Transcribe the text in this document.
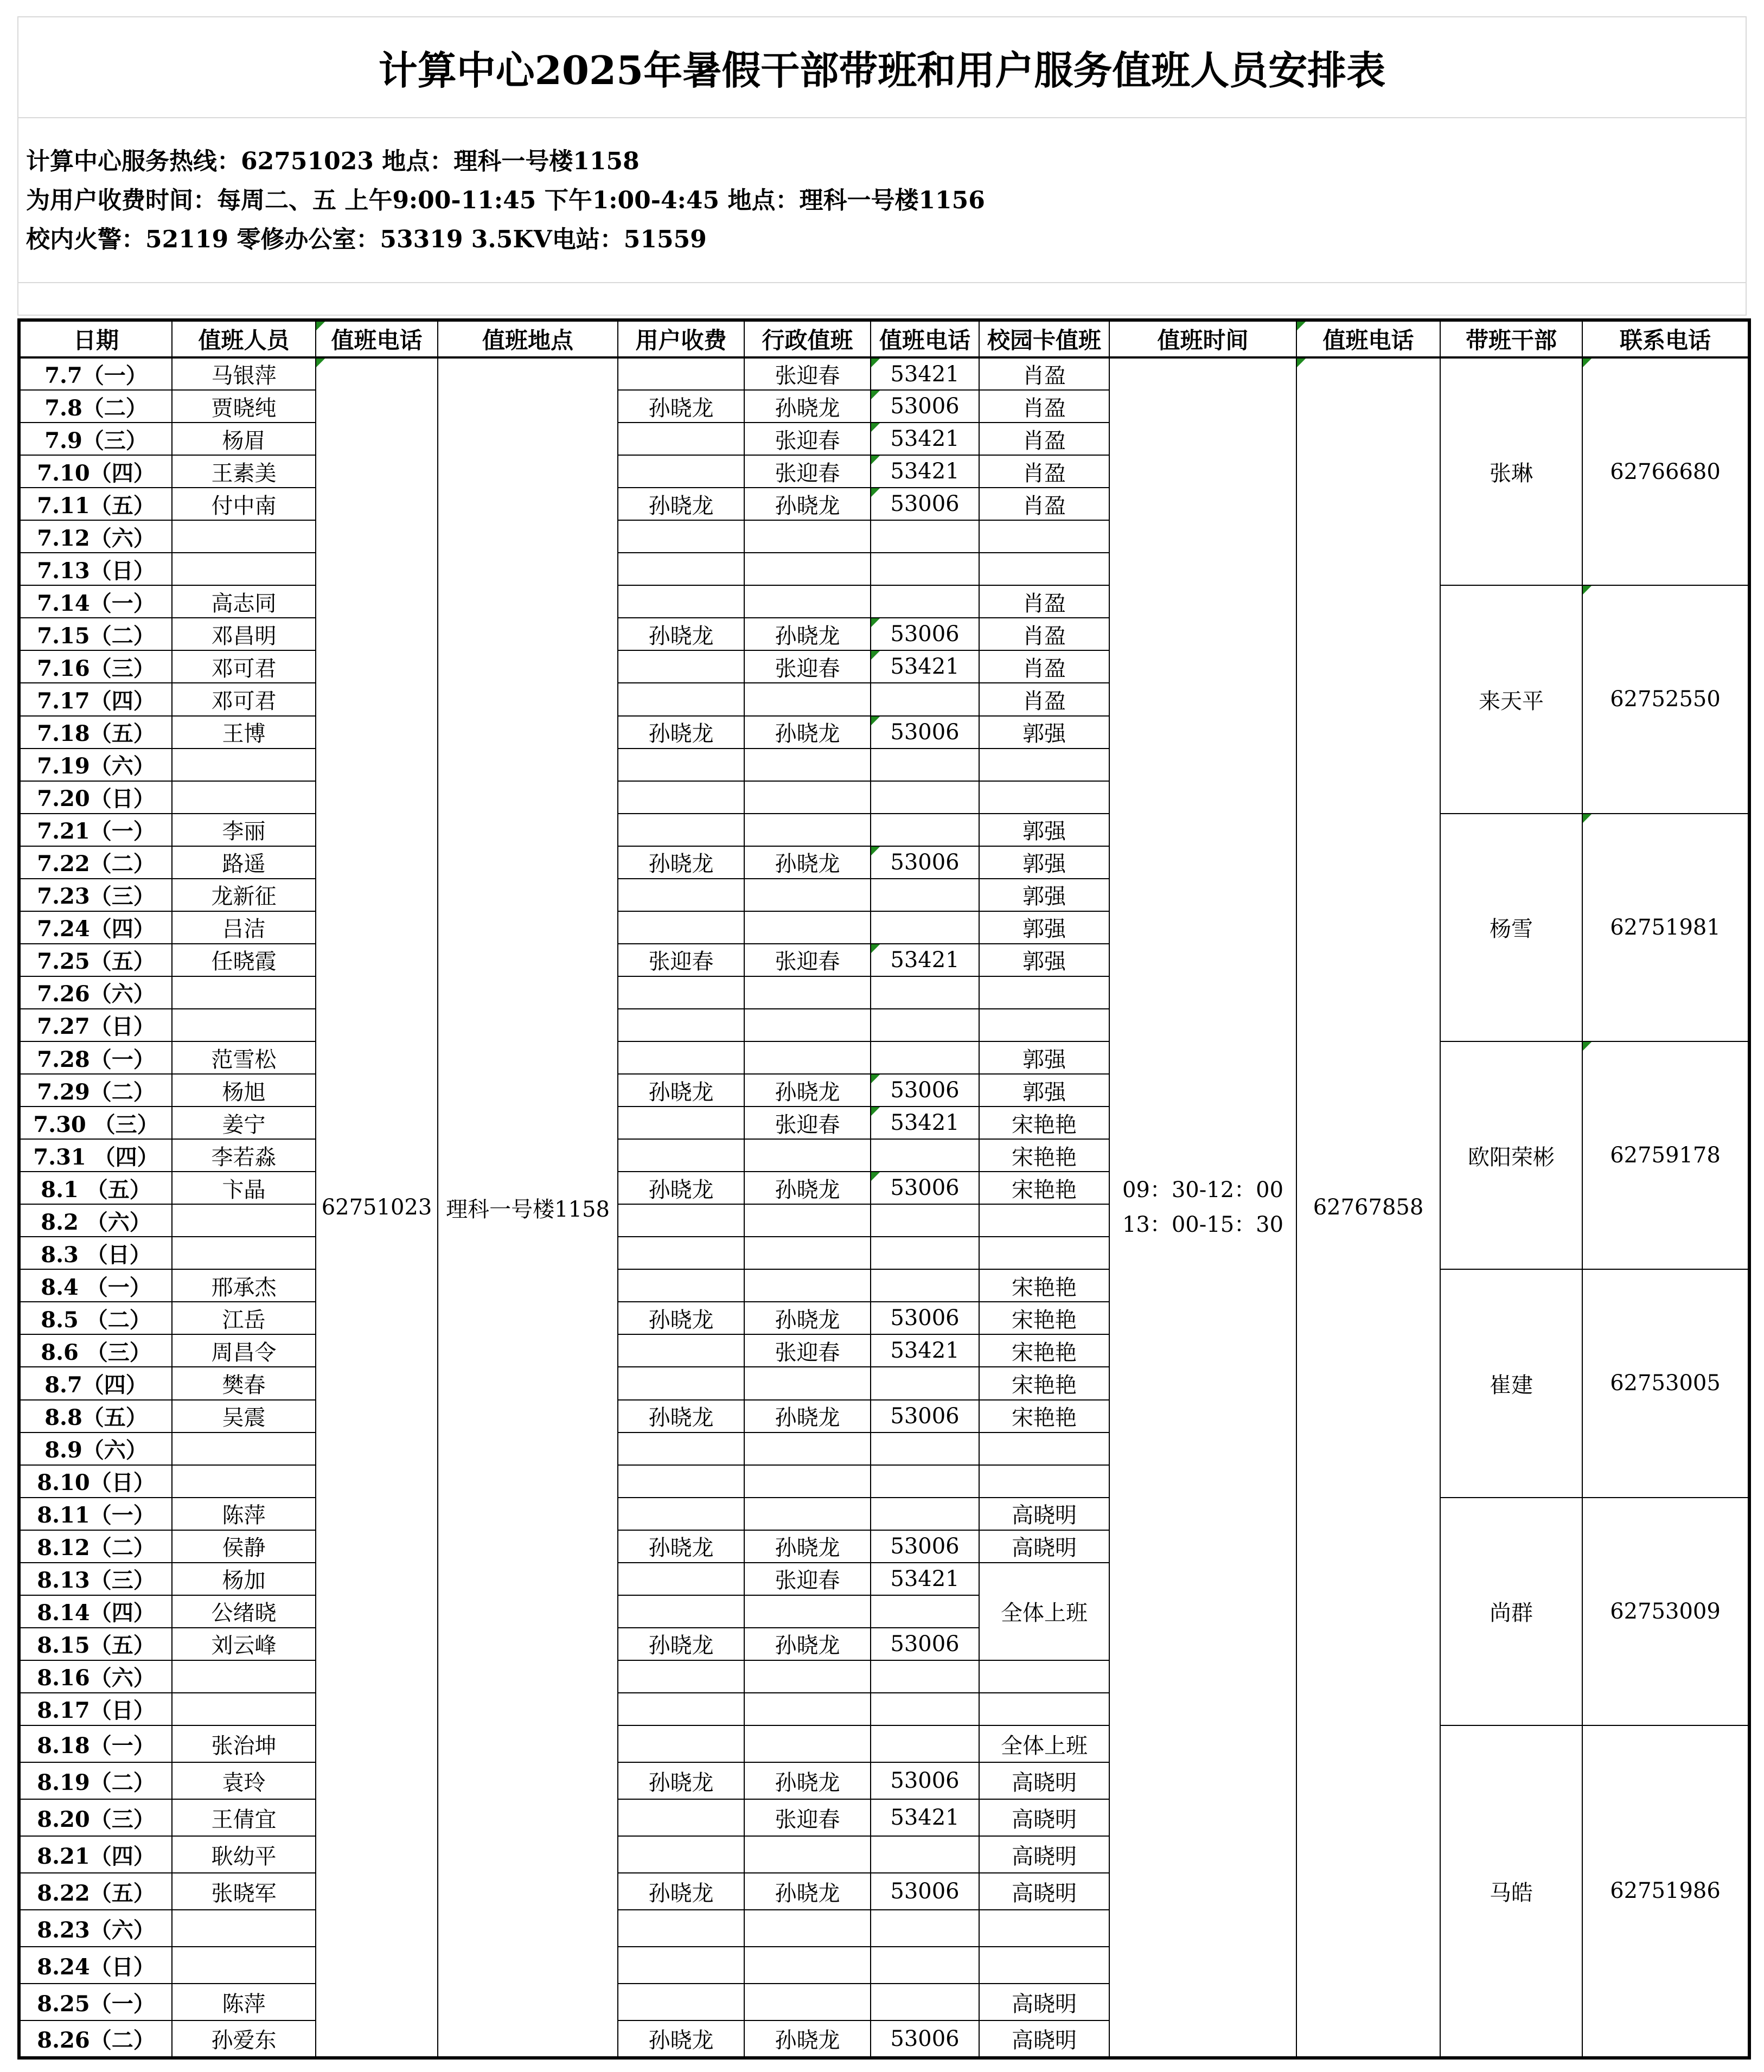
计算中心2025年暑假干部带班和用户服务值班人员安排表
计算中心服务热线：62751023 地点：理科一号楼1158
为用户收费时间：每周二、五 上午9:00-11:45 下午1:00-4:45 地点：理科一号楼1156
校内火警：52119 零修办公室：53319 3.5KV电站：51559
日期	值班人员	值班电话	值班地点	用户收费	行政值班	值班电话	校园卡值班	值班时间	值班电话	带班干部	联系电话
7.7（一）	马银萍	62751023	理科一号楼1158		张迎春	53421	肖盈	09：30-12：00
13：00-15：30	62767858	张琳	62766680
7.8（二）	贾晓纯			孙晓龙	孙晓龙	53006	肖盈				
7.9（三）	杨眉				张迎春	53421	肖盈				
7.10（四）	王素美				张迎春	53421	肖盈				
7.11（五）	付中南			孙晓龙	孙晓龙	53006	肖盈				
7.12（六）											
7.13（日）											
7.14（一）	高志同						肖盈			来天平	62752550
7.15（二）	邓昌明			孙晓龙	孙晓龙	53006	肖盈				
7.16（三）	邓可君				张迎春	53421	肖盈				
7.17（四）	邓可君						肖盈				
7.18（五）	王博			孙晓龙	孙晓龙	53006	郭强				
7.19（六）											
7.20（日）											
7.21（一）	李丽						郭强			杨雪	62751981
7.22（二）	路遥			孙晓龙	孙晓龙	53006	郭强				
7.23（三）	龙新征						郭强				
7.24（四）	吕洁						郭强				
7.25（五）	任晓霞			张迎春	张迎春	53421	郭强				
7.26（六）											
7.27（日）											
7.28（一）	范雪松						郭强			欧阳荣彬	62759178
7.29（二）	杨旭			孙晓龙	孙晓龙	53006	郭强				
7.30 （三）	姜宁				张迎春	53421	宋艳艳				
7.31 （四）	李若淼						宋艳艳				
8.1 （五）	卞晶			孙晓龙	孙晓龙	53006	宋艳艳				
8.2 （六）											
8.3 （日）											
8.4 （一）	邢承杰						宋艳艳			崔建	62753005
8.5 （二）	江岳			孙晓龙	孙晓龙	53006	宋艳艳				
8.6 （三）	周昌令				张迎春	53421	宋艳艳				
8.7（四）	樊春						宋艳艳				
8.8（五）	吴震			孙晓龙	孙晓龙	53006	宋艳艳				
8.9（六）											
8.10（日）											
8.11（一）	陈萍						高晓明			尚群	62753009
8.12（二）	侯静			孙晓龙	孙晓龙	53006	高晓明				
8.13（三）	杨加				张迎春	53421	全体上班				
8.14（四）	公绪晓										
8.15（五）	刘云峰			孙晓龙	孙晓龙	53006					
8.16（六）											
8.17（日）											
8.18（一）	张治坤						全体上班			马皓	62751986
8.19（二）	袁玲			孙晓龙	孙晓龙	53006	高晓明				
8.20（三）	王倩宜				张迎春	53421	高晓明				
8.21（四）	耿幼平						高晓明				
8.22（五）	张晓军			孙晓龙	孙晓龙	53006	高晓明				
8.23（六）											
8.24（日）											
8.25（一）	陈萍						高晓明				
8.26（二）	孙爱东			孙晓龙	孙晓龙	53006	高晓明				
